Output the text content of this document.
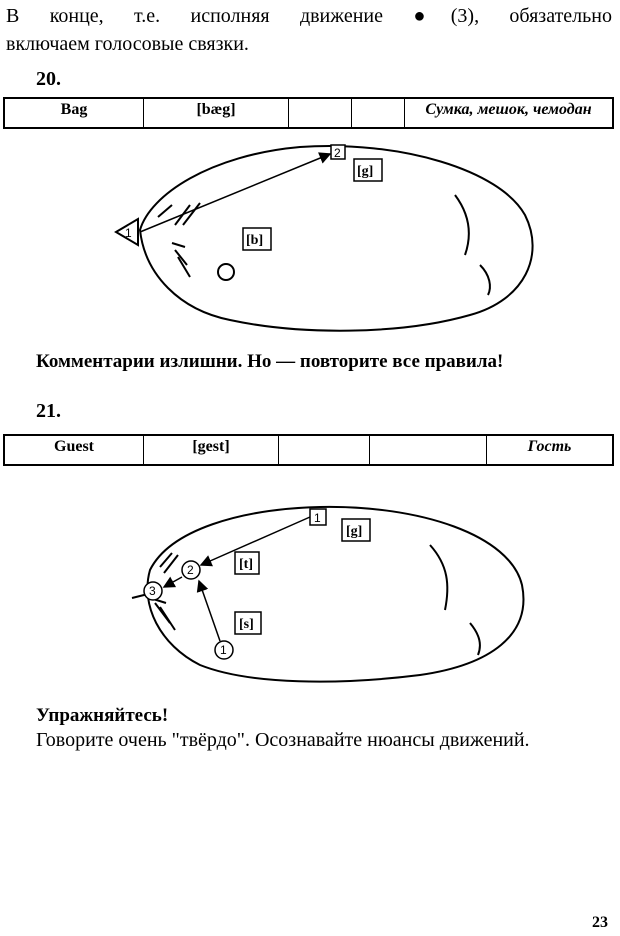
В конце, т.е. исполняя движение ●(3), обязательно
включаем голосовые связки.
20.
Bag	[bæg]			Сумка, мешок, чемодан
1
2
[g]
[b]
Комментарии излишни. Но — повторите все правила!
21.
Guest	[gest]			Гость
1
2
3
1
[g]
[t]
[s]
Упражняйтесь!
Говорите очень "твёрдо". Осознавайте нюансы движений.
23
